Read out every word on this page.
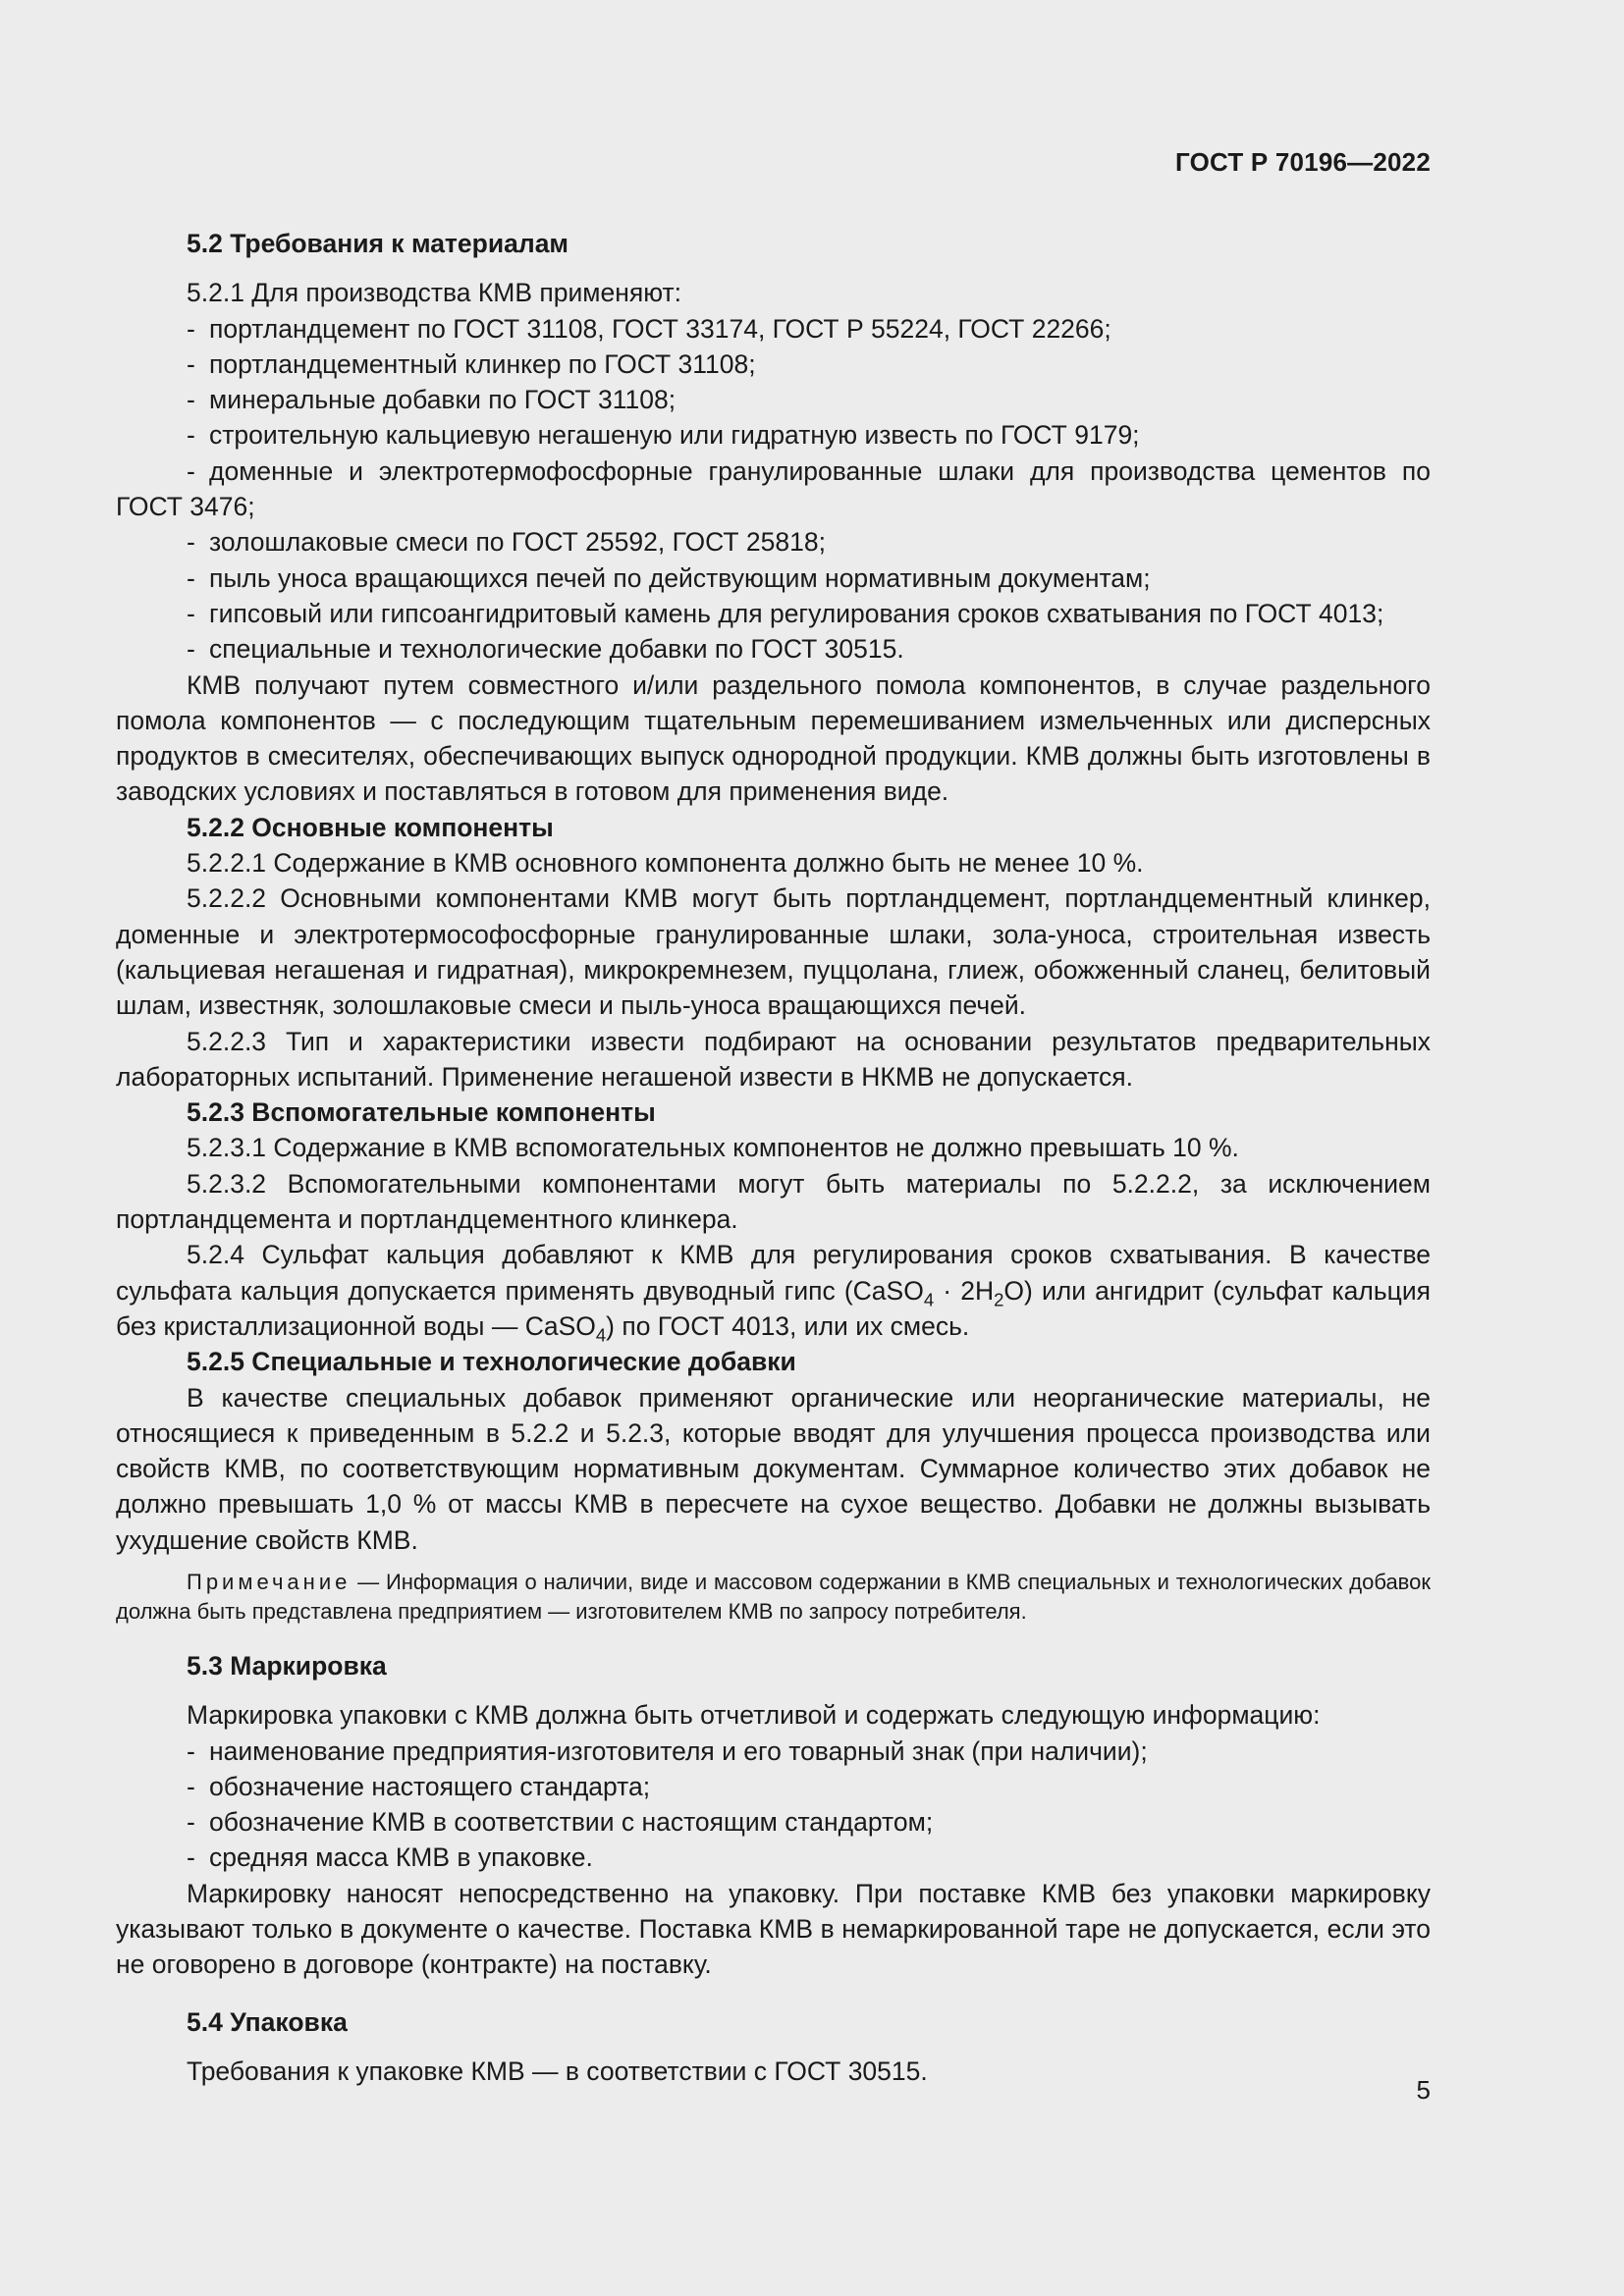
ГОСТ Р 70196—2022

5.2 Требования к материалам

5.2.1 Для производства КМВ применяют:

- портландцемент по ГОСТ 31108, ГОСТ 33174, ГОСТ Р 55224, ГОСТ 22266;

- портландцементный клинкер по ГОСТ 31108;

- минеральные добавки по ГОСТ 31108;

- строительную кальциевую негашеную или гидратную известь по ГОСТ 9179;

- доменные и электротермофосфорные гранулированные шлаки для производства цементов по ГОСТ 3476;

- золошлаковые смеси по ГОСТ 25592, ГОСТ 25818;

- пыль уноса вращающихся печей по действующим нормативным документам;

- гипсовый или гипсоангидритовый камень для регулирования сроков схватывания по ГОСТ 4013;

- специальные и технологические добавки по ГОСТ 30515.

КМВ получают путем совместного и/или раздельного помола компонентов, в случае раздельного помола компонентов — с последующим тщательным перемешиванием измельченных или дисперсных продуктов в смесителях, обеспечивающих выпуск однородной продукции. КМВ должны быть изготовлены в заводских условиях и поставляться в готовом для применения виде.

5.2.2 Основные компоненты

5.2.2.1 Содержание в КМВ основного компонента должно быть не менее 10 %.

5.2.2.2 Основными компонентами КМВ могут быть портландцемент, портландцементный клинкер, доменные и электротермософосфорные гранулированные шлаки, зола-уноса, строительная известь (кальциевая негашеная и гидратная), микрокремнезем, пуццолана, глиеж, обожженный сланец, белитовый шлам, известняк, золошлаковые смеси и пыль-уноса вращающихся печей.

5.2.2.3 Тип и характеристики извести подбирают на основании результатов предварительных лабораторных испытаний. Применение негашеной извести в НКМВ не допускается.

5.2.3 Вспомогательные компоненты

5.2.3.1 Содержание в КМВ вспомогательных компонентов не должно превышать 10 %.

5.2.3.2 Вспомогательными компонентами могут быть материалы по 5.2.2.2, за исключением портландцемента и портландцементного клинкера.

5.2.4 Сульфат кальция добавляют к КМВ для регулирования сроков схватывания. В качестве сульфата кальция допускается применять двуводный гипс (CaSO$_4$ · $2H_2O$) или ангидрит (сульфат кальция без кристаллизационной воды — CaSO$_4$) по ГОСТ 4013, или их смесь.

5.2.5 Специальные и технологические добавки

В качестве специальных добавок применяют органические или неорганические материалы, не относящиеся к приведенным в 5.2.2 и 5.2.3, которые вводят для улучшения процесса производства или свойств КМВ, по соответствующим нормативным документам. Суммарное количество этих добавок не должно превышать 1,0 % от массы КМВ в пересчете на сухое вещество. Добавки не должны вызывать ухудшение свойств КМВ.

Примечание — Информация о наличии, виде и массовом содержании в КМВ специальных и технологических добавок должна быть представлена предприятием — изготовителем КМВ по запросу потребителя.

5.3 Маркировка

Маркировка упаковки с КМВ должна быть отчетливой и содержать следующую информацию:

- наименование предприятия-изготовителя и его товарный знак (при наличии);

- обозначение настоящего стандарта;

- обозначение КМВ в соответствии с настоящим стандартом;

- средняя масса КМВ в упаковке.

Маркировку наносят непосредственно на упаковку. При поставке КМВ без упаковки маркировку указывают только в документе о качестве. Поставка КМВ в немаркированной таре не допускается, если это не оговорено в договоре (контракте) на поставку.

5.4 Упаковка

Требования к упаковке КМВ — в соответствии с ГОСТ 30515.

5
